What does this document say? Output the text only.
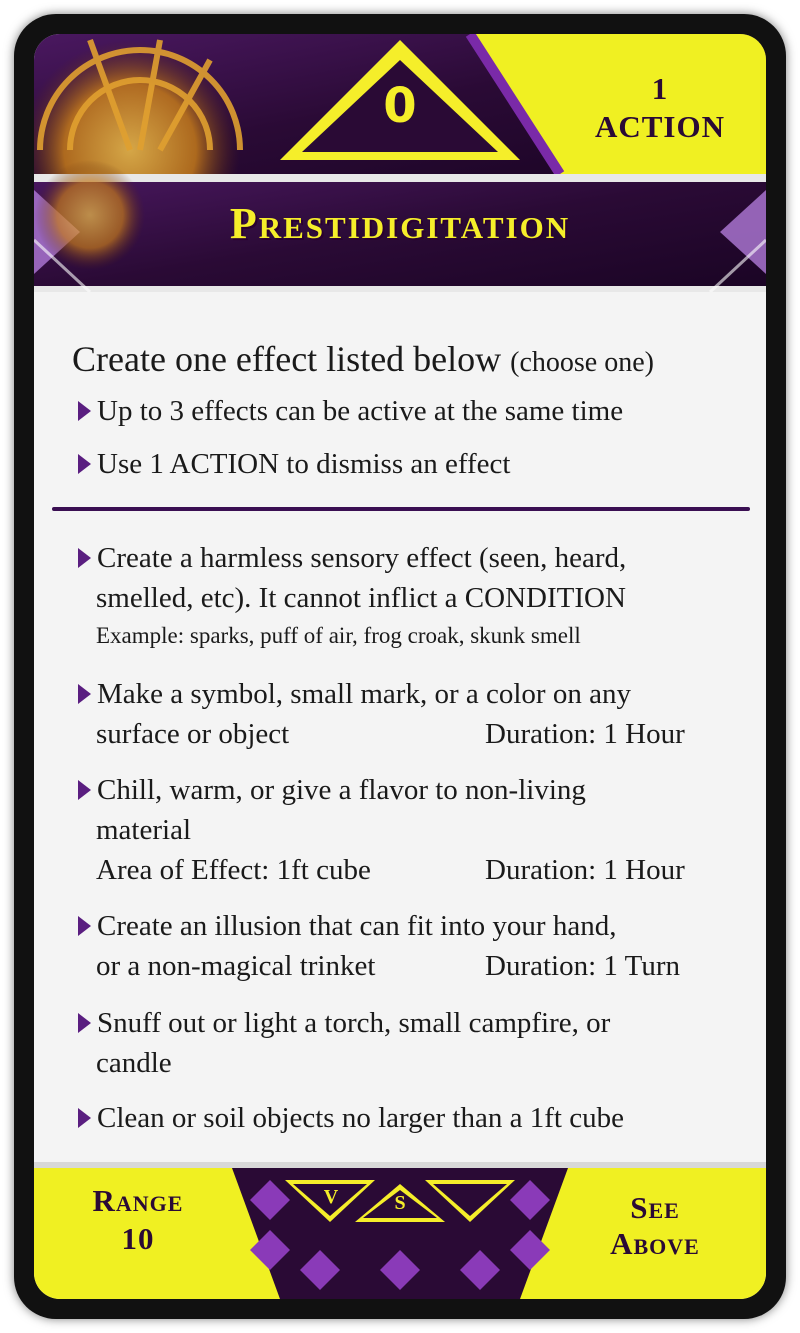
0	1
ACTION
Prestidigitation
Create one effect listed below (choose one)
Up to 3 effects can be active at the same time
Use 1 ACTION to dismiss an effect
Create a harmless sensory effect (seen, heard,
smelled, etc). It cannot inflict a CONDITION
Example: sparks, puff of air, frog croak, skunk smell
Make a symbol, small mark, or a color on any
surface or object	Duration: 1 Hour
Chill, warm, or give a flavor to non-living
material
Area of Effect: 1ft cube	Duration: 1 Hour
Create an illusion that can fit into your hand,
or a non-magical trinket	Duration: 1 Turn
Snuff out or light a torch, small campfire, or
candle
Clean or soil objects no larger than a 1ft cube
Range
10
V	S	See
Above
